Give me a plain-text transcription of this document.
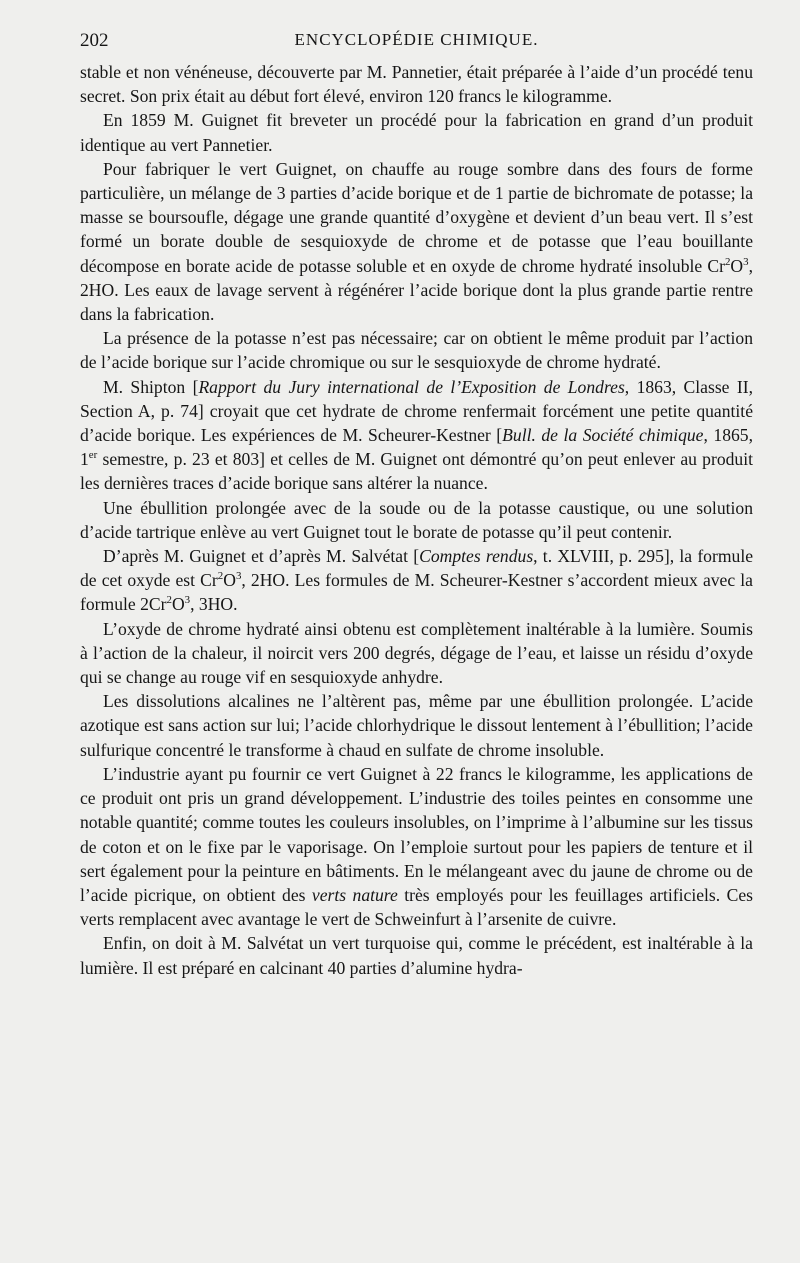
202	ENCYCLOPÉDIE CHIMIQUE.

stable et non vénéneuse, découverte par M. Pannetier, était préparée à l’aide d’un procédé tenu secret. Son prix était au début fort élevé, environ 120 francs le kilogramme.

En 1859 M. Guignet fit breveter un procédé pour la fabrication en grand d’un produit identique au vert Pannetier.

Pour fabriquer le vert Guignet, on chauffe au rouge sombre dans des fours de forme particulière, un mélange de 3 parties d’acide borique et de 1 partie de bichromate de potasse; la masse se boursoufle, dégage une grande quantité d’oxygène et devient d’un beau vert. Il s’est formé un borate double de sesquioxyde de chrome et de potasse que l’eau bouillante décompose en borate acide de potasse soluble et en oxyde de chrome hydraté insoluble $Cr^2O^3$, 2HO. Les eaux de lavage servent à régénérer l’acide borique dont la plus grande partie rentre dans la fabrication.

La présence de la potasse n’est pas nécessaire; car on obtient le même produit par l’action de l’acide borique sur l’acide chromique ou sur le sesquioxyde de chrome hydraté.

M. Shipton [Rapport du Jury international de l’Exposition de Londres, 1863, Classe II, Section A, p. 74] croyait que cet hydrate de chrome renfermait forcément une petite quantité d’acide borique. Les expériences de M. Scheurer-Kestner [Bull. de la Société chimique, 1865, 1er semestre, p. 23 et 803] et celles de M. Guignet ont démontré qu’on peut enlever au produit les dernières traces d’acide borique sans altérer la nuance.

Une ébullition prolongée avec de la soude ou de la potasse caustique, ou une solution d’acide tartrique enlève au vert Guignet tout le borate de potasse qu’il peut contenir.

D’après M. Guignet et d’après M. Salvétat [Comptes rendus, t. XLVIII, p. 295], la formule de cet oxyde est $Cr^2O^3$, 2HO. Les formules de M. Scheurer-Kestner s’accordent mieux avec la formule $2Cr^2O^3$, 3HO.

L’oxyde de chrome hydraté ainsi obtenu est complètement inaltérable à la lumière. Soumis à l’action de la chaleur, il noircit vers 200 degrés, dégage de l’eau, et laisse un résidu d’oxyde qui se change au rouge vif en sesquioxyde anhydre.

Les dissolutions alcalines ne l’altèrent pas, même par une ébullition prolongée. L’acide azotique est sans action sur lui; l’acide chlorhydrique le dissout lentement à l’ébullition; l’acide sulfurique concentré le transforme à chaud en sulfate de chrome insoluble.

L’industrie ayant pu fournir ce vert Guignet à 22 francs le kilogramme, les applications de ce produit ont pris un grand développement. L’industrie des toiles peintes en consomme une notable quantité; comme toutes les couleurs insolubles, on l’imprime à l’albumine sur les tissus de coton et on le fixe par le vaporisage. On l’emploie surtout pour les papiers de tenture et il sert également pour la peinture en bâtiments. En le mélangeant avec du jaune de chrome ou de l’acide picrique, on obtient des verts nature très employés pour les feuillages artificiels. Ces verts remplacent avec avantage le vert de Schweinfurt à l’arsenite de cuivre.

Enfin, on doit à M. Salvétat un vert turquoise qui, comme le précédent, est inaltérable à la lumière. Il est préparé en calcinant 40 parties d’alumine hydra-
